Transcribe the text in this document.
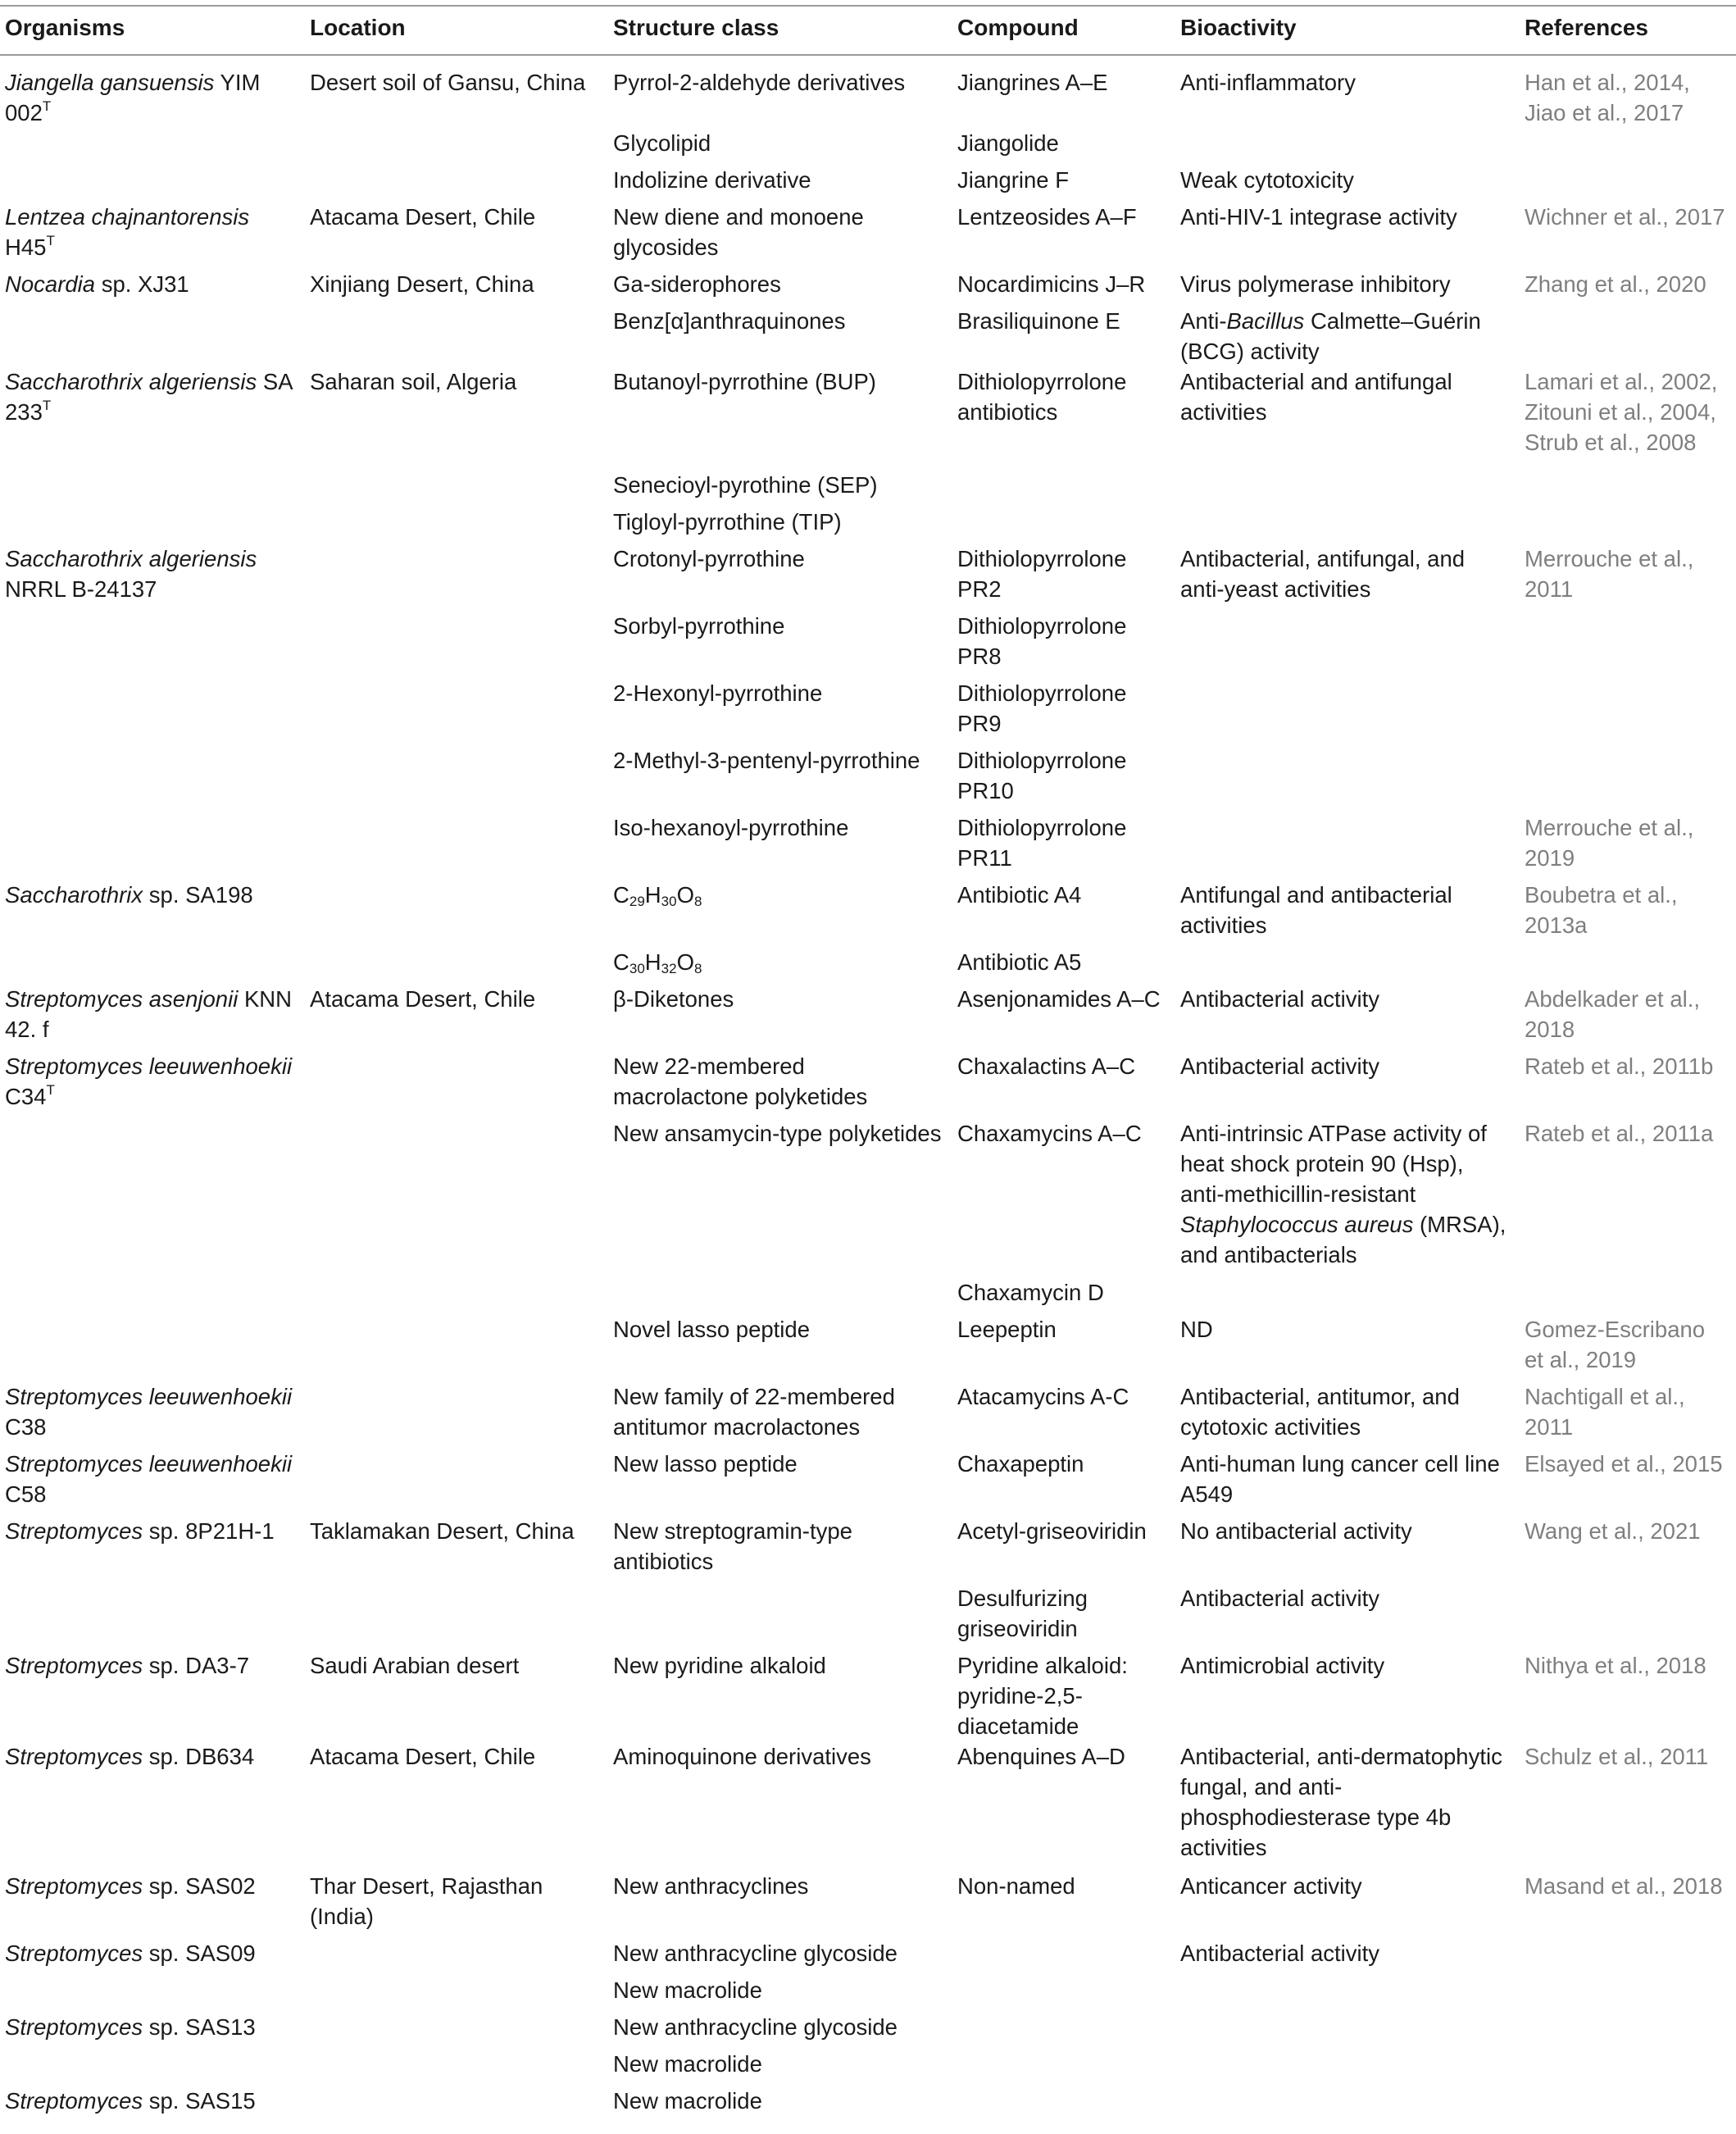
Organisms	Location	Structure class	Compound	Bioactivity	References
Jiangella gansuensis YIM $002^T$	Desert soil of Gansu, China	Pyrrol-2-aldehyde derivatives	Jiangrines A–E	Anti-inflammatory	Han et al., 2014, Jiao et al., 2017
		Glycolipid	Jiangolide		
		Indolizine derivative	Jiangrine F	Weak cytotoxicity	
Lentzea chajnantorensis $H45^T$	Atacama Desert, Chile	New diene and monoene glycosides	Lentzeosides A–F	Anti-HIV-1 integrase activity	Wichner et al., 2017
Nocardia sp. XJ31	Xinjiang Desert, China	Ga-siderophores	Nocardimicins J–R	Virus polymerase inhibitory	Zhang et al., 2020
		Benz[α]anthraquinones	Brasiliquinone E	Anti-Bacillus Calmette–Guérin (BCG) activity	
Saccharothrix algeriensis SA $233^T$	Saharan soil, Algeria	Butanoyl-pyrrothine (BUP)	Dithiolopyrrolone antibiotics	Antibacterial and antifungal activities	Lamari et al., 2002, Zitouni et al., 2004, Strub et al., 2008
		Senecioyl-pyrothine (SEP)			
		Tigloyl-pyrrothine (TIP)			
Saccharothrix algeriensis NRRL B-24137		Crotonyl-pyrrothine	Dithiolopyrrolone PR2	Antibacterial, antifungal, and anti-yeast activities	Merrouche et al., 2011
		Sorbyl-pyrrothine	Dithiolopyrrolone PR8		
		2-Hexonyl-pyrrothine	Dithiolopyrrolone PR9		
		2-Methyl-3-pentenyl-pyrrothine	Dithiolopyrrolone PR10		
		Iso-hexanoyl-pyrrothine	Dithiolopyrrolone PR11		Merrouche et al., 2019
Saccharothrix sp. SA198		$C_{29}H_{30}O_8$	Antibiotic A4	Antifungal and antibacterial activities	Boubetra et al., 2013a
		$C_{30}H_{32}O_8$	Antibiotic A5		
Streptomyces asenjonii KNN 42. f	Atacama Desert, Chile	β-Diketones	Asenjonamides A–C	Antibacterial activity	Abdelkader et al., 2018
Streptomyces leeuwenhoekii $C34^T$		New 22-membered macrolactone polyketides	Chaxalactins A–C	Antibacterial activity	Rateb et al., 2011b
		New ansamycin-type polyketides	Chaxamycins A–C	Anti-intrinsic ATPase activity of heat shock protein 90 (Hsp), anti-methicillin-resistant Staphylococcus aureus (MRSA), and antibacterials	Rateb et al., 2011a
			Chaxamycin D		
		Novel lasso peptide	Leepeptin	ND	Gomez-Escribano et al., 2019
Streptomyces leeuwenhoekii C38		New family of 22-membered antitumor macrolactones	Atacamycins A-C	Antibacterial, antitumor, and cytotoxic activities	Nachtigall et al., 2011
Streptomyces leeuwenhoekii C58		New lasso peptide	Chaxapeptin	Anti-human lung cancer cell line A549	Elsayed et al., 2015
Streptomyces sp. 8P21H-1	Taklamakan Desert, China	New streptogramin-type antibiotics	Acetyl-griseoviridin	No antibacterial activity	Wang et al., 2021
			Desulfurizing griseoviridin	Antibacterial activity	
Streptomyces sp. DA3-7	Saudi Arabian desert	New pyridine alkaloid	Pyridine alkaloid: pyridine-2,5-diacetamide	Antimicrobial activity	Nithya et al., 2018
Streptomyces sp. DB634	Atacama Desert, Chile	Aminoquinone derivatives	Abenquines A–D	Antibacterial, anti-dermatophytic fungal, and anti-phosphodiesterase type 4b activities	Schulz et al., 2011
Streptomyces sp. SAS02	Thar Desert, Rajasthan (India)	New anthracyclines	Non-named	Anticancer activity	Masand et al., 2018
Streptomyces sp. SAS09		New anthracycline glycoside		Antibacterial activity	
		New macrolide			
Streptomyces sp. SAS13		New anthracycline glycoside			
		New macrolide			
Streptomyces sp. SAS15		New macrolide			
